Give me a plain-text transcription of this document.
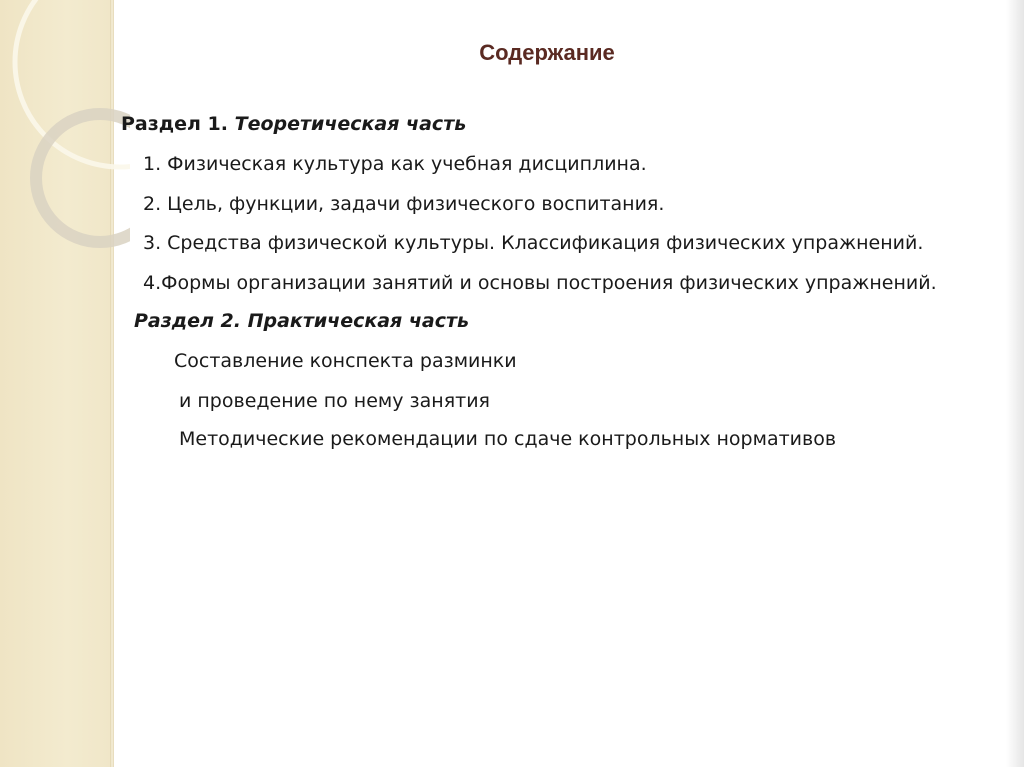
Содержание
Раздел 1. Теоретическая часть
1. Физическая культура как учебная дисциплина.
2. Цель, функции, задачи физического воспитания.
3. Средства физической культуры. Классификация физических упражнений.
4.Формы организации занятий и основы построения физических упражнений.
Раздел 2. Практическая часть
Составление конспекта разминки
и проведение по нему занятия
Методические рекомендации по сдаче контрольных нормативов
